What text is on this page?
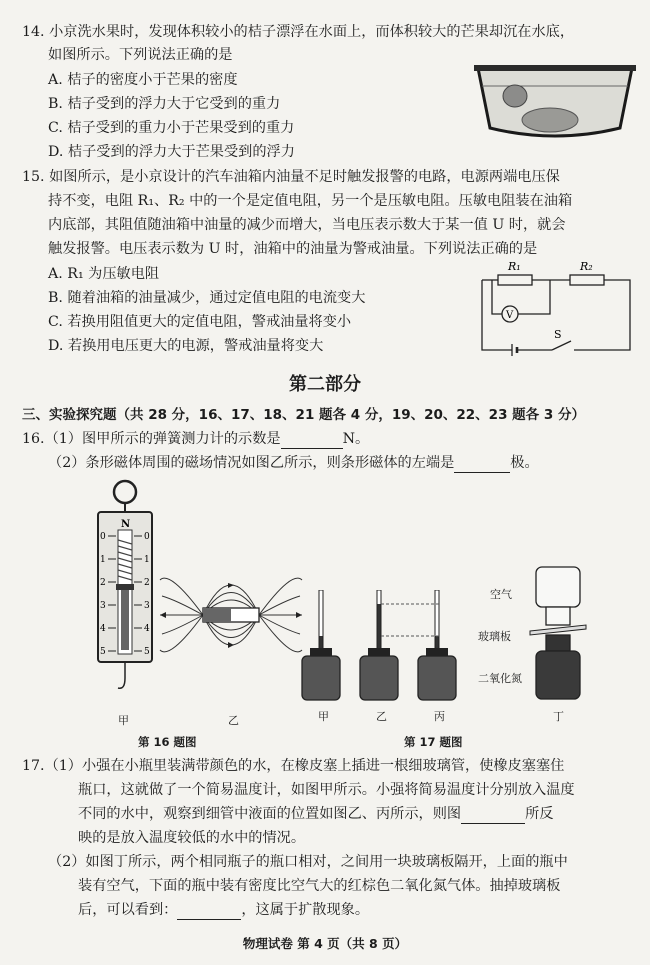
14. 小京洗水果时，发现体积较小的桔子漂浮在水面上，而体积较大的芒果却沉在水底，
如图所示。下列说法正确的是
A. 桔子的密度小于芒果的密度
B. 桔子受到的浮力大于它受到的重力
C. 桔子受到的重力小于芒果受到的重力
D. 桔子受到的浮力大于芒果受到的浮力
15. 如图所示，是小京设计的汽车油箱内油量不足时触发报警的电路，电源两端电压保
持不变，电阻 R₁、R₂ 中的一个是定值电阻，另一个是压敏电阻。压敏电阻装在油箱
内底部，其阻值随油箱中油量的减少而增大，当电压表示数大于某一值 U 时，就会
触发报警。电压表示数为 U 时，油箱中的油量为警戒油量。下列说法正确的是
A. R₁ 为压敏电阻
B. 随着油箱的油量减少，通过定值电阻的电流变大
C. 若换用阻值更大的定值电阻，警戒油量将变小
D. 若换用电压更大的电源，警戒油量将变大
R₁	R₂
V
S
第二部分
三、实验探究题（共 28 分，16、17、18、21 题各 4 分，19、20、22、23 题各 3 分）
16.（1）图甲所示的弹簧测力计的示数是	N。
（2）条形磁体周围的磁场情况如图乙所示，则条形磁体的左端是	极。
N
0
1
2
3
4
5
0
1
2
3
4
5
甲	乙
第 16 题图
甲	乙	丙
空气
玻璃板
二氧化氮
丁
第 17 题图
17.（1）小强在小瓶里装满带颜色的水，在橡皮塞上插进一根细玻璃管，使橡皮塞塞住
瓶口，这就做了一个简易温度计，如图甲所示。小强将简易温度计分别放入温度
不同的水中，观察到细管中液面的位置如图乙、丙所示，则图	所反
映的是放入温度较低的水中的情况。
（2）如图丁所示，两个相同瓶子的瓶口相对，之间用一块玻璃板隔开，上面的瓶中
装有空气，下面的瓶中装有密度比空气大的红棕色二氧化氮气体。抽掉玻璃板
后，可以看到：	，这属于扩散现象。
物理试卷 第 4 页（共 8 页）
